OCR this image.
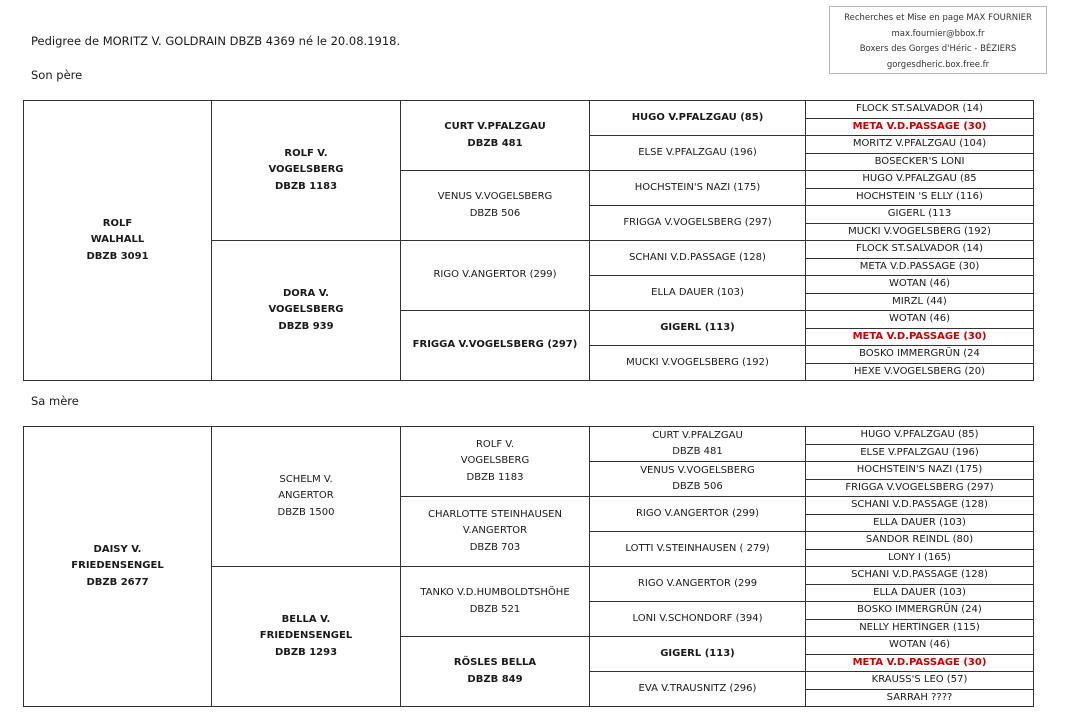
Recherches et Mise en page MAX FOURNIER
max.fournier@bbox.fr
Boxers des Gorges d'Héric - BÉZIERS
gorgesdheric.box.free.fr
Pedigree de MORITZ V. GOLDRAIN DBZB 4369 né le 20.08.1918.
Son père
ROLF
WALHALL
DBZB 3091	ROLF V.
VOGELSBERG
DBZB 1183	CURT V.PFALZGAU
DBZB 481	HUGO V.PFALZGAU (85)	FLOCK ST.SALVADOR (14)
				META V.D.PASSAGE (30)
			ELSE V.PFALZGAU (196)	MORITZ V.PFALZGAU (104)
				BOSECKER'S LONI

		VENUS V.VOGELSBERG
DBZB 506	HOCHSTEIN'S NAZI (175)	HUGO V.PFALZGAU (85
				HOCHSTEIN 'S ELLY (116)
			FRIGGA V.VOGELSBERG (297)	GIGERL (113
				MUCKI V.VOGELSBERG (192)

	DORA V.
VOGELSBERG
DBZB 939	RIGO V.ANGERTOR (299)	SCHANI V.D.PASSAGE (128)	FLOCK ST.SALVADOR (14)
				META V.D.PASSAGE (30)
			ELLA DAUER (103)	WOTAN (46)
				MIRZL (44)

		FRIGGA V.VOGELSBERG (297)	GIGERL (113)	WOTAN (46)
				META V.D.PASSAGE (30)
			MUCKI V.VOGELSBERG (192)	BOSKO IMMERGRÜN (24
				HEXE V.VOGELSBERG (20)
Sa mère
DAISY V.
FRIEDENSENGEL
DBZB 2677	SCHELM V.
ANGERTOR
DBZB 1500	ROLF V.
VOGELSBERG
DBZB 1183	CURT V.PFALZGAU
DBZB 481	HUGO V.PFALZGAU (85)
				ELSE V.PFALZGAU (196)

			VENUS V.VOGELSBERG
DBZB 506	HOCHSTEIN'S NAZI (175)
				FRIGGA V.VOGELSBERG (297)

		CHARLOTTE STEINHAUSEN
V.ANGERTOR
DBZB 703	RIGO V.ANGERTOR (299)	SCHANI V.D.PASSAGE (128)
				ELLA DAUER (103)
			LOTTI V.STEINHAUSEN ( 279)	SANDOR REINDL (80)
				LONY I (165)

	BELLA V.
FRIEDENSENGEL
DBZB 1293	TANKO V.D.HUMBOLDTSHÖHE
DBZB 521	RIGO V.ANGERTOR (299	SCHANI V.D.PASSAGE (128)
				ELLA DAUER (103)
			LONI V.SCHONDORF (394)	BOSKO IMMERGRÜN (24)
				NELLY HERTINGER (115)

		RÖSLES BELLA
DBZB 849	GIGERL (113)	WOTAN (46)
				META V.D.PASSAGE (30)
			EVA V.TRAUSNITZ (296)	KRAUSS'S LEO (57)
				SARRAH ????
